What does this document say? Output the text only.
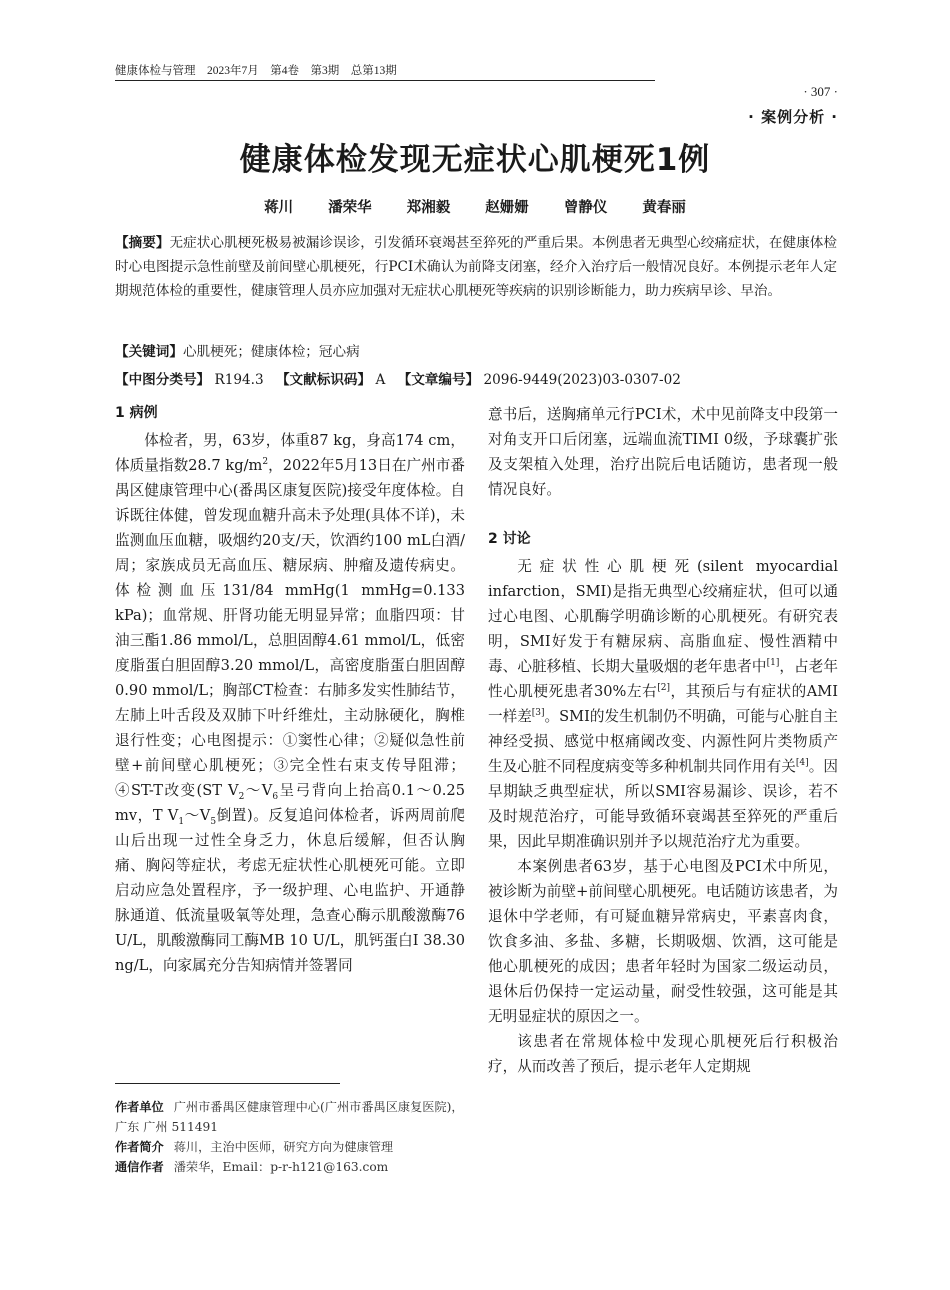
健康体检与管理　2023年7月　第4卷　第3期　总第13期
· 307 ·
· 案例分析 ·
健康体检发现无症状心肌梗死1例
蒋川 潘荣华 郑湘毅 赵姗姗 曾静仪 黄春丽
【摘要】无症状心肌梗死极易被漏诊误诊，引发循环衰竭甚至猝死的严重后果。本例患者无典型心绞痛症状，在健康体检时心电图提示急性前壁及前间壁心肌梗死，行PCI术确认为前降支闭塞，经介入治疗后一般情况良好。本例提示老年人定期规范体检的重要性，健康管理人员亦应加强对无症状心肌梗死等疾病的识别诊断能力，助力疾病早诊、早治。
【关键词】心肌梗死；健康体检；冠心病
【中图分类号】 R194.3 【文献标识码】 A 【文章编号】 2096-9449(2023)03-0307-02
1 病例

体检者，男，63岁，体重87 kg，身高174 cm，体质量指数28.7 $kg/m^2$，2022年5月13日在广州市番禺区健康管理中心(番禺区康复医院)接受年度体检。自诉既往体健，曾发现血糖升高未予处理(具体不详)，未监测血压血糖，吸烟约20支/天，饮酒约100 mL白酒/周；家族成员无高血压、糖尿病、肿瘤及遗传病史。体检测血压131/84 mmHg(1 mmHg=0.133 kPa)；血常规、肝肾功能无明显异常；血脂四项：甘油三酯1.86 mmol/L，总胆固醇4.61 mmol/L，低密度脂蛋白胆固醇3.20 mmol/L，高密度脂蛋白胆固醇0.90 mmol/L；胸部CT检查：右肺多发实性肺结节，左肺上叶舌段及双肺下叶纤维灶，主动脉硬化，胸椎退行性变；心电图提示：①窦性心律；②疑似急性前壁+前间壁心肌梗死；③完全性右束支传导阻滞；④ST-T改变(ST $V_2\sim V_6$呈弓背向上抬高0.1～0.25 mv，T $V_1\sim V_5$倒置)。反复追问体检者，诉两周前爬山后出现一过性全身乏力，休息后缓解，但否认胸痛、胸闷等症状，考虑无症状性心肌梗死可能。立即启动应急处置程序，予一级护理、心电监护、开通静脉通道、低流量吸氧等处理，急查心酶示肌酸激酶76 U/L，肌酸激酶同工酶MB 10 U/L，肌钙蛋白I 38.30 ng/L，向家属充分告知病情并签署同

作者单位 广州市番禺区健康管理中心(广州市番禺区康复医院)，广东 广州 511491
作者简介 蒋川，主治中医师，研究方向为健康管理
通信作者 潘荣华，Email：p-r-h121@163.com

意书后，送胸痛单元行PCI术，术中见前降支中段第一对角支开口后闭塞，远端血流TIMI 0级，予球囊扩张及支架植入处理，治疗出院后电话随访，患者现一般情况良好。

2 讨论

无症状性心肌梗死(silent myocardial infarction，SMI)是指无典型心绞痛症状，但可以通过心电图、心肌酶学明确诊断的心肌梗死。有研究表明，SMI好发于有糖尿病、高脂血症、慢性酒精中毒、心脏移植、长期大量吸烟的老年患者中[1]，占老年性心肌梗死患者30%左右[2]，其预后与有症状的AMI一样差[3]。SMI的发生机制仍不明确，可能与心脏自主神经受损、感觉中枢痛阈改变、内源性阿片类物质产生及心脏不同程度病变等多种机制共同作用有关[4]。因早期缺乏典型症状，所以SMI容易漏诊、误诊，若不及时规范治疗，可能导致循环衰竭甚至猝死的严重后果，因此早期准确识别并予以规范治疗尤为重要。

本案例患者63岁，基于心电图及PCI术中所见，被诊断为前壁+前间壁心肌梗死。电话随访该患者，为退休中学老师，有可疑血糖异常病史，平素喜肉食，饮食多油、多盐、多糖，长期吸烟、饮酒，这可能是他心肌梗死的成因；患者年轻时为国家二级运动员，退休后仍保持一定运动量，耐受性较强，这可能是其无明显症状的原因之一。

该患者在常规体检中发现心肌梗死后行积极治疗，从而改善了预后，提示老年人定期规
